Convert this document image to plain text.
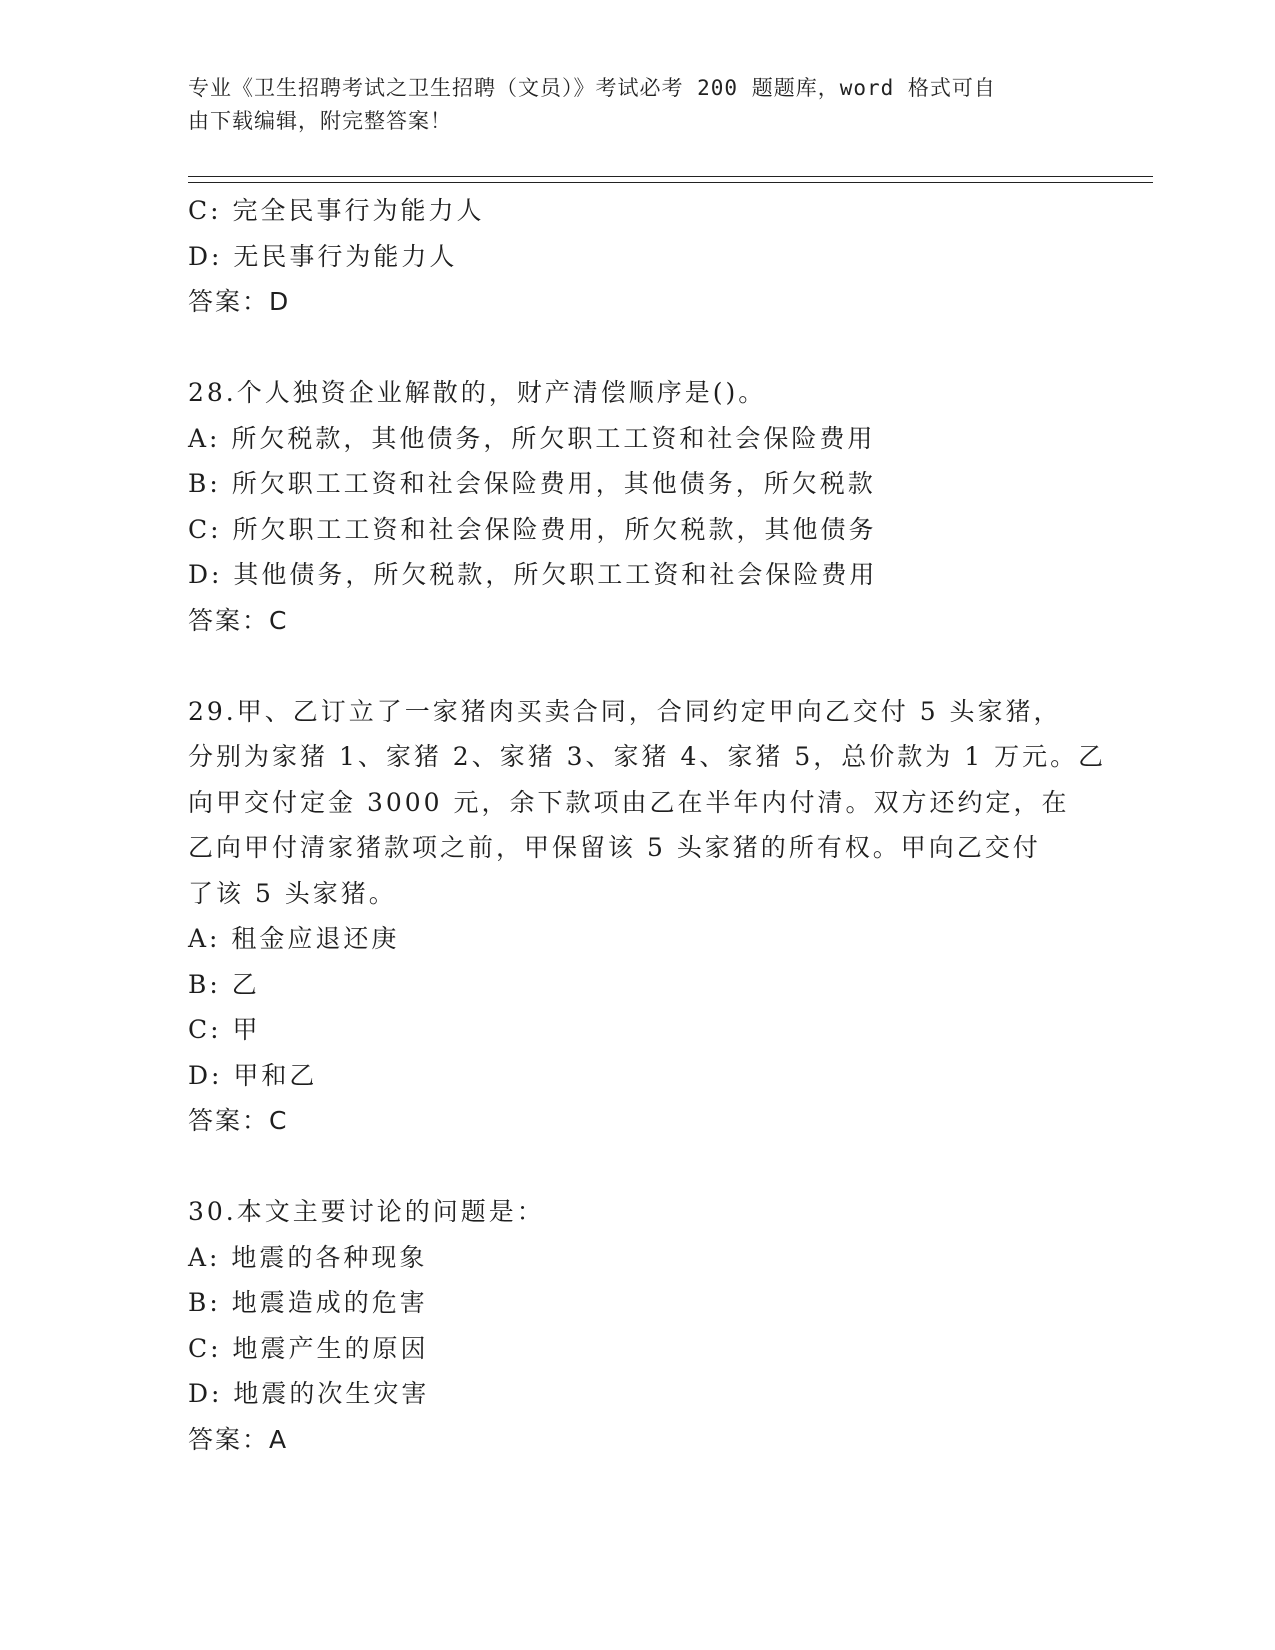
专业《卫生招聘考试之卫生招聘（文员）》考试必考 200 题题库，word 格式可自
由下载编辑，附完整答案！
C: 完全民事行为能力人
D: 无民事行为能力人
答案：D
28.个人独资企业解散的，财产清偿顺序是()。
A: 所欠税款，其他债务，所欠职工工资和社会保险费用
B: 所欠职工工资和社会保险费用，其他债务，所欠税款
C: 所欠职工工资和社会保险费用，所欠税款，其他债务
D: 其他债务，所欠税款，所欠职工工资和社会保险费用
答案：C
29.甲、乙订立了一家猪肉买卖合同，合同约定甲向乙交付 5 头家猪，
分别为家猪 1、家猪 2、家猪 3、家猪 4、家猪 5，总价款为 1 万元。乙
向甲交付定金 3000 元，余下款项由乙在半年内付清。双方还约定，在
乙向甲付清家猪款项之前，甲保留该 5 头家猪的所有权。甲向乙交付
了该 5 头家猪。
A: 租金应退还庚
B: 乙
C: 甲
D: 甲和乙
答案：C
30.本文主要讨论的问题是：
A: 地震的各种现象
B: 地震造成的危害
C: 地震产生的原因
D: 地震的次生灾害
答案：A
